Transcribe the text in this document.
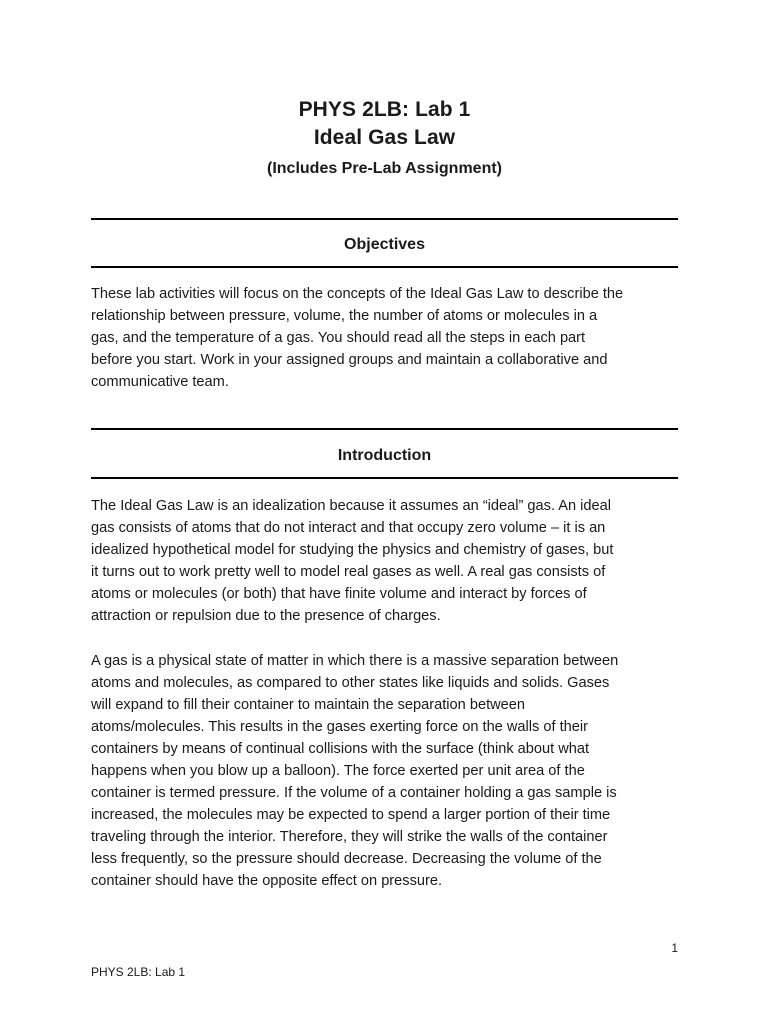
PHYS 2LB: Lab 1
Ideal Gas Law
(Includes Pre-Lab Assignment)
Objectives

These lab activities will focus on the concepts of the Ideal Gas Law to describe the
relationship between pressure, volume, the number of atoms or molecules in a
gas, and the temperature of a gas. You should read all the steps in each part
before you start. Work in your assigned groups and maintain a collaborative and
communicative team.

Introduction

The Ideal Gas Law is an idealization because it assumes an “ideal” gas. An ideal
gas consists of atoms that do not interact and that occupy zero volume – it is an
idealized hypothetical model for studying the physics and chemistry of gases, but
it turns out to work pretty well to model real gases as well. A real gas consists of
atoms or molecules (or both) that have finite volume and interact by forces of
attraction or repulsion due to the presence of charges.

A gas is a physical state of matter in which there is a massive separation between
atoms and molecules, as compared to other states like liquids and solids. Gases
will expand to fill their container to maintain the separation between
atoms/molecules. This results in the gases exerting force on the walls of their
containers by means of continual collisions with the surface (think about what
happens when you blow up a balloon). The force exerted per unit area of the
container is termed pressure. If the volume of a container holding a gas sample is
increased, the molecules may be expected to spend a larger portion of their time
traveling through the interior. Therefore, they will strike the walls of the container
less frequently, so the pressure should decrease. Decreasing the volume of the
container should have the opposite effect on pressure.

1
PHYS 2LB: Lab 1
